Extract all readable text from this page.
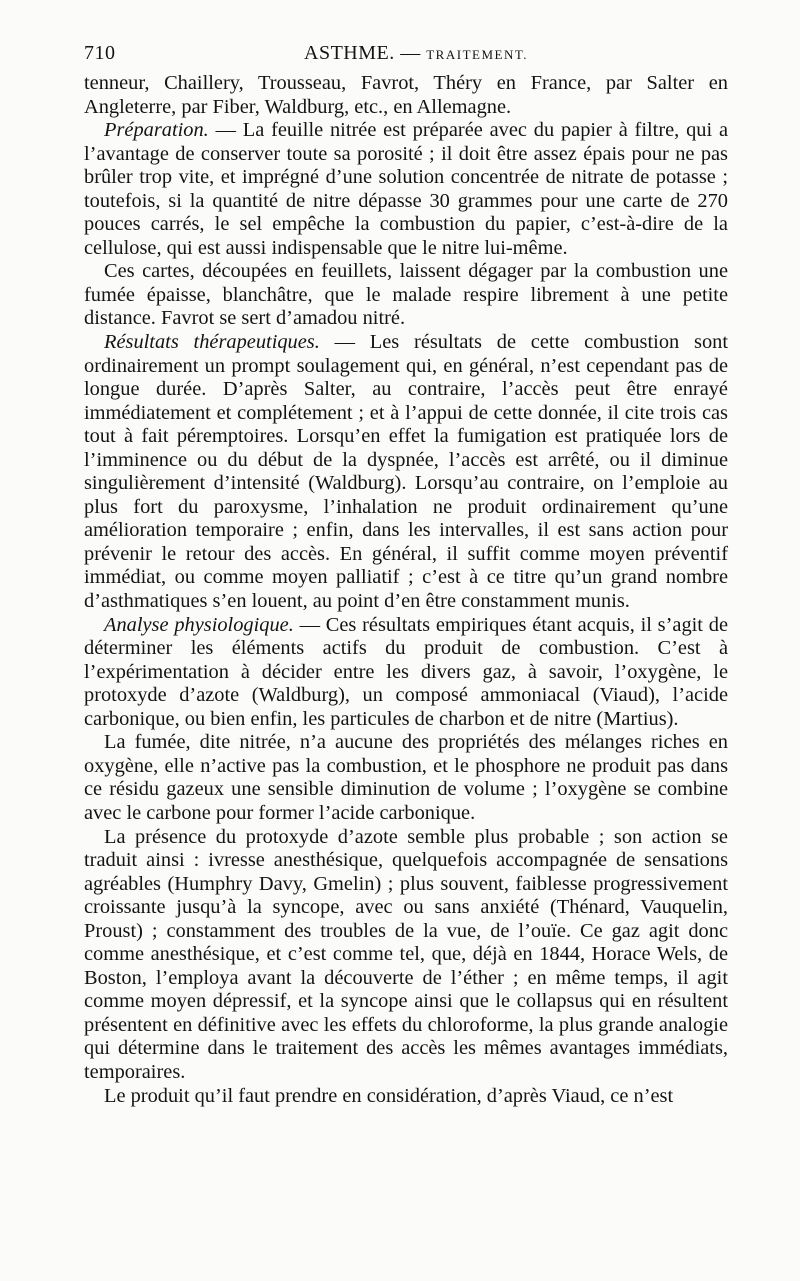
710	ASTHME. — TRAITEMENT.

tenneur, Chaillery, Trousseau, Favrot, Théry en France, par Salter en Angleterre, par Fiber, Waldburg, etc., en Allemagne.

Préparation. — La feuille nitrée est préparée avec du papier à filtre, qui a l’avantage de conserver toute sa porosité ; il doit être assez épais pour ne pas brûler trop vite, et imprégné d’une solution concentrée de nitrate de potasse ; toutefois, si la quantité de nitre dépasse 30 grammes pour une carte de 270 pouces carrés, le sel empêche la combustion du papier, c’est-à-dire de la cellulose, qui est aussi indispensable que le nitre lui-même.

Ces cartes, découpées en feuillets, laissent dégager par la combustion une fumée épaisse, blanchâtre, que le malade respire librement à une petite distance. Favrot se sert d’amadou nitré.

Résultats thérapeutiques. — Les résultats de cette combustion sont ordinairement un prompt soulagement qui, en général, n’est cependant pas de longue durée. D’après Salter, au contraire, l’accès peut être enrayé immédiatement et complétement ; et à l’appui de cette donnée, il cite trois cas tout à fait péremptoires. Lorsqu’en effet la fumigation est pratiquée lors de l’imminence ou du début de la dyspnée, l’accès est arrêté, ou il diminue singulièrement d’intensité (Waldburg). Lorsqu’au contraire, on l’emploie au plus fort du paroxysme, l’inhalation ne produit ordinairement qu’une amélioration temporaire ; enfin, dans les intervalles, il est sans action pour prévenir le retour des accès. En général, il suffit comme moyen préventif immédiat, ou comme moyen palliatif ; c’est à ce titre qu’un grand nombre d’asthmatiques s’en louent, au point d’en être constamment munis.

Analyse physiologique. — Ces résultats empiriques étant acquis, il s’agit de déterminer les éléments actifs du produit de combustion. C’est à l’expérimentation à décider entre les divers gaz, à savoir, l’oxygène, le protoxyde d’azote (Waldburg), un composé ammoniacal (Viaud), l’acide carbonique, ou bien enfin, les particules de charbon et de nitre (Martius).

La fumée, dite nitrée, n’a aucune des propriétés des mélanges riches en oxygène, elle n’active pas la combustion, et le phosphore ne produit pas dans ce résidu gazeux une sensible diminution de volume ; l’oxygène se combine avec le carbone pour former l’acide carbonique.

La présence du protoxyde d’azote semble plus probable ; son action se traduit ainsi : ivresse anesthésique, quelquefois accompagnée de sensations agréables (Humphry Davy, Gmelin) ; plus souvent, faiblesse progressivement croissante jusqu’à la syncope, avec ou sans anxiété (Thénard, Vauquelin, Proust) ; constamment des troubles de la vue, de l’ouïe. Ce gaz agit donc comme anesthésique, et c’est comme tel, que, déjà en 1844, Horace Wels, de Boston, l’employa avant la découverte de l’éther ; en même temps, il agit comme moyen dépressif, et la syncope ainsi que le collapsus qui en résultent présentent en définitive avec les effets du chloroforme, la plus grande analogie qui détermine dans le traitement des accès les mêmes avantages immédiats, temporaires.

Le produit qu’il faut prendre en considération, d’après Viaud, ce n’est
